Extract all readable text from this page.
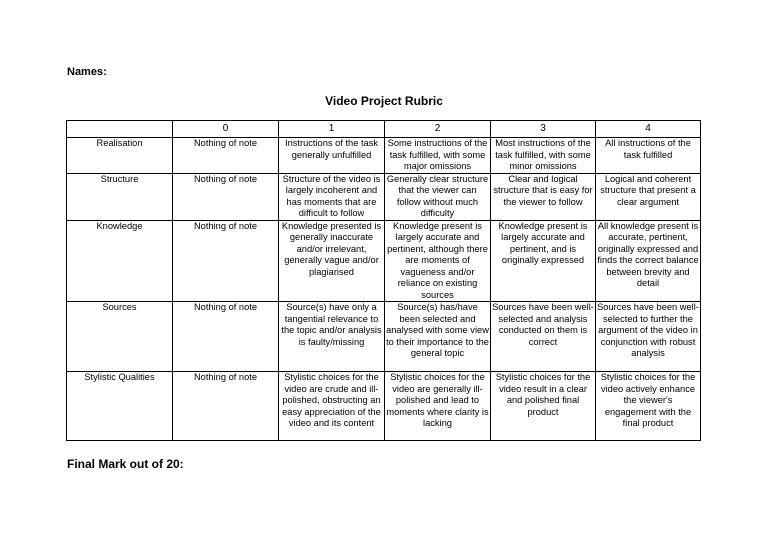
Names:
Video Project Rubric
	0	1	2	3	4
Realisation	Nothing of note	Instructions of the task generally unfulfilled	Some instructions of the task fulfilled, with some major omissions	Most instructions of the task fulfilled, with some minor omissions	All instructions of the task fulfilled
Structure	Nothing of note	Structure of the video is largely incoherent and has moments that are difficult to follow	Generally clear structure that the viewer can follow without much difficulty	Clear and logical structure that is easy for the viewer to follow	Logical and coherent structure that present a clear argument
Knowledge	Nothing of note	Knowledge presented is generally inaccurate and/or irrelevant, generally vague and/or plagiarised	Knowledge present is largely accurate and pertinent, although there are moments of vagueness and/or reliance on existing sources	Knowledge present is largely accurate and pertinent, and is originally expressed	All knowledge present is accurate, pertinent, originally expressed and finds the correct balance between brevity and detail
Sources	Nothing of note	Source(s) have only a tangential relevance to the topic and/or analysis is faulty/missing	Source(s) has/have been selected and analysed with some view to their importance to the general topic	Sources have been well-selected and analysis conducted on them is correct	Sources have been well-selected to further the argument of the video in conjunction with robust analysis
Stylistic Qualities	Nothing of note	Stylistic choices for the video are crude and ill-polished, obstructing an easy appreciation of the video and its content	Stylistic choices for the video are generally ill-polished and lead to moments where clarity is lacking	Stylistic choices for the video result in a clear and polished final product	Stylistic choices for the video actively enhance the viewer's engagement with the final product
Final Mark out of 20:
